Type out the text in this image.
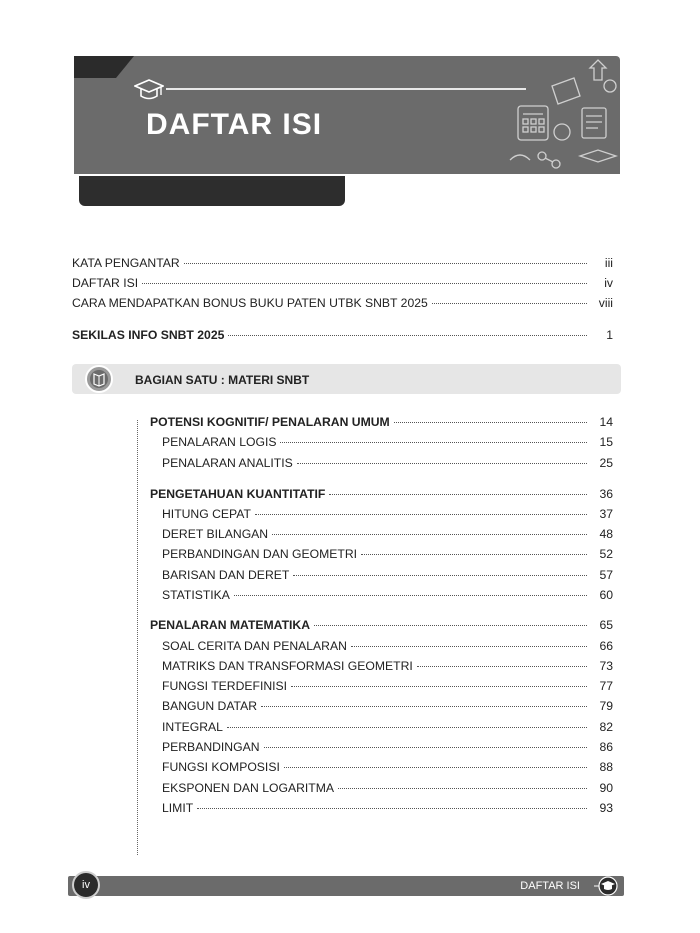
DAFTAR ISI
KATA PENGANTAR	iii
DAFTAR ISI	iv
CARA MENDAPATKAN BONUS BUKU PATEN UTBK SNBT 2025	viii
SEKILAS INFO SNBT 2025	1
BAGIAN SATU : MATERI SNBT
POTENSI KOGNITIF/ PENALARAN UMUM	14
PENALARAN LOGIS	15
PENALARAN ANALITIS	25
PENGETAHUAN KUANTITATIF	36
HITUNG CEPAT	37
DERET BILANGAN	48
PERBANDINGAN DAN GEOMETRI	52
BARISAN DAN DERET	57
STATISTIKA	60
PENALARAN MATEMATIKA	65
SOAL CERITA DAN PENALARAN	66
MATRIKS DAN TRANSFORMASI GEOMETRI	73
FUNGSI TERDEFINISI	77
BANGUN DATAR	79
INTEGRAL	82
PERBANDINGAN	86
FUNGSI KOMPOSISI	88
EKSPONEN DAN LOGARITMA	90
LIMIT	93
iv	DAFTAR ISI
